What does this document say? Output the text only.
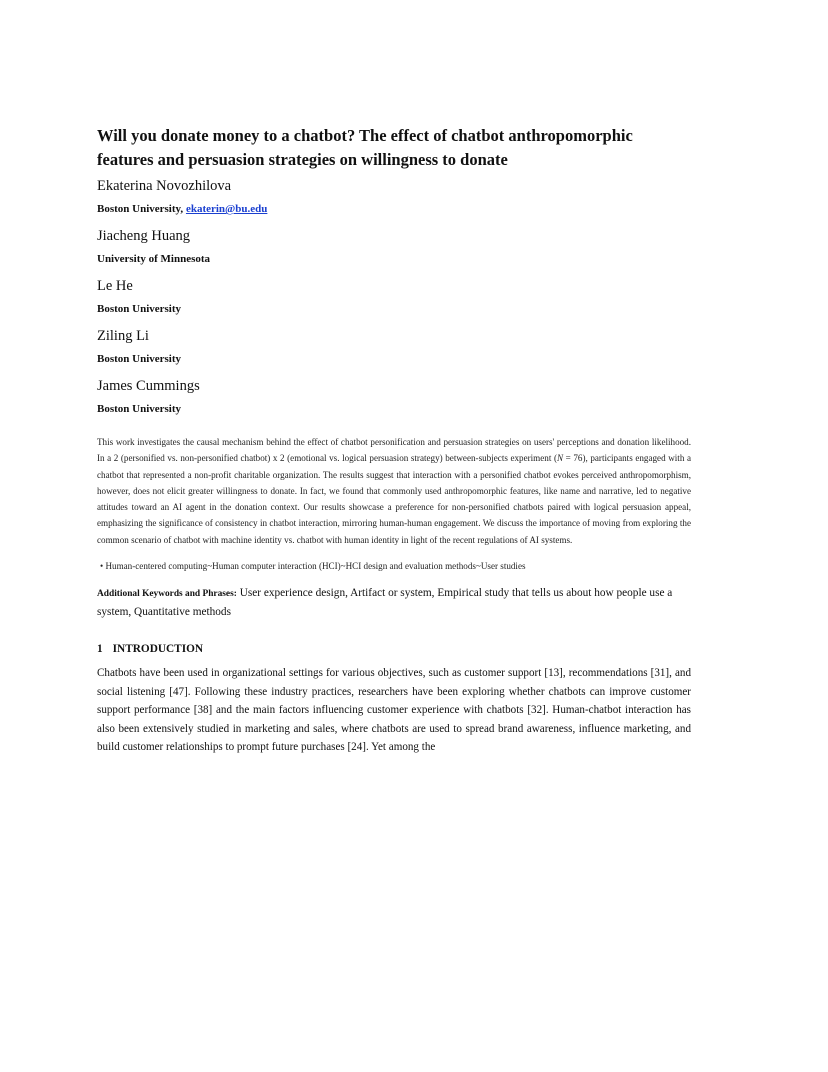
Will you donate money to a chatbot? The effect of chatbot anthropomorphic features and persuasion strategies on willingness to donate

Ekaterina Novozhilova

Boston University, ekaterin@bu.edu

Jiacheng Huang

University of Minnesota

Le He

Boston University

Ziling Li

Boston University

James Cummings

Boston University

This work investigates the causal mechanism behind the effect of chatbot personification and persuasion strategies on users' perceptions and donation likelihood. In a 2 (personified vs. non-personified chatbot) x 2 (emotional vs. logical persuasion strategy) between-subjects experiment (N = 76), participants engaged with a chatbot that represented a non-profit charitable organization. The results suggest that interaction with a personified chatbot evokes perceived anthropomorphism, however, does not elicit greater willingness to donate. In fact, we found that commonly used anthropomorphic features, like name and narrative, led to negative attitudes toward an AI agent in the donation context. Our results showcase a preference for non-personified chatbots paired with logical persuasion appeal, emphasizing the significance of consistency in chatbot interaction, mirroring human-human engagement. We discuss the importance of moving from exploring the common scenario of chatbot with machine identity vs. chatbot with human identity in light of the recent regulations of AI systems.

• Human-centered computing~Human computer interaction (HCI)~HCI design and evaluation methods~User studies

Additional Keywords and Phrases: User experience design, Artifact or system, Empirical study that tells us about how people use a system, Quantitative methods

1 INTRODUCTION

Chatbots have been used in organizational settings for various objectives, such as customer support [13], recommendations [31], and social listening [47]. Following these industry practices, researchers have been exploring whether chatbots can improve customer support performance [38] and the main factors influencing customer experience with chatbots [32]. Human-chatbot interaction has also been extensively studied in marketing and sales, where chatbots are used to spread brand awareness, influence marketing, and build customer relationships to prompt future purchases [24]. Yet among the
